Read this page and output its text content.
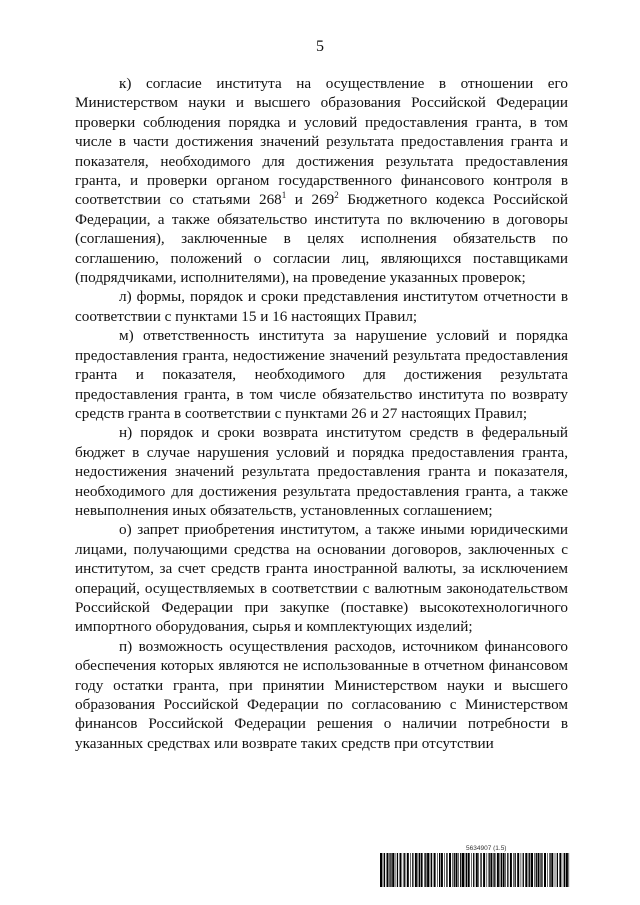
5

к) согласие института на осуществление в отношении его Министерством науки и высшего образования Российской Федерации проверки соблюдения порядка и условий предоставления гранта, в том числе в части достижения значений результата предоставления гранта и показателя, необходимого для достижения результата предоставления гранта, и проверки органом государственного финансового контроля в соответствии со статьями $268^1$ и $269^2$ Бюджетного кодекса Российской Федерации, а также обязательство института по включению в договоры (соглашения), заключенные в целях исполнения обязательств по соглашению, положений о согласии лиц, являющихся поставщиками (подрядчиками, исполнителями), на проведение указанных проверок;

л) формы, порядок и сроки представления институтом отчетности в соответствии с пунктами 15 и 16 настоящих Правил;

м) ответственность института за нарушение условий и порядка предоставления гранта, недостижение значений результата предоставления гранта и показателя, необходимого для достижения результата предоставления гранта, в том числе обязательство института по возврату средств гранта в соответствии с пунктами 26 и 27 настоящих Правил;

н) порядок и сроки возврата институтом средств в федеральный бюджет в случае нарушения условий и порядка предоставления гранта, недостижения значений результата предоставления гранта и показателя, необходимого для достижения результата предоставления гранта, а также невыполнения иных обязательств, установленных соглашением;

о) запрет приобретения институтом, а также иными юридическими лицами, получающими средства на основании договоров, заключенных с институтом, за счет средств гранта иностранной валюты, за исключением операций, осуществляемых в соответствии с валютным законодательством Российской Федерации при закупке (поставке) высокотехнологичного импортного оборудования, сырья и комплектующих изделий;

п) возможность осуществления расходов, источником финансового обеспечения которых являются не использованные в отчетном финансовом году остатки гранта, при принятии Министерством науки и высшего образования Российской Федерации по согласованию с Министерством финансов Российской Федерации решения о наличии потребности в указанных средствах или возврате таких средств при отсутствии

5634907 (1.5)
